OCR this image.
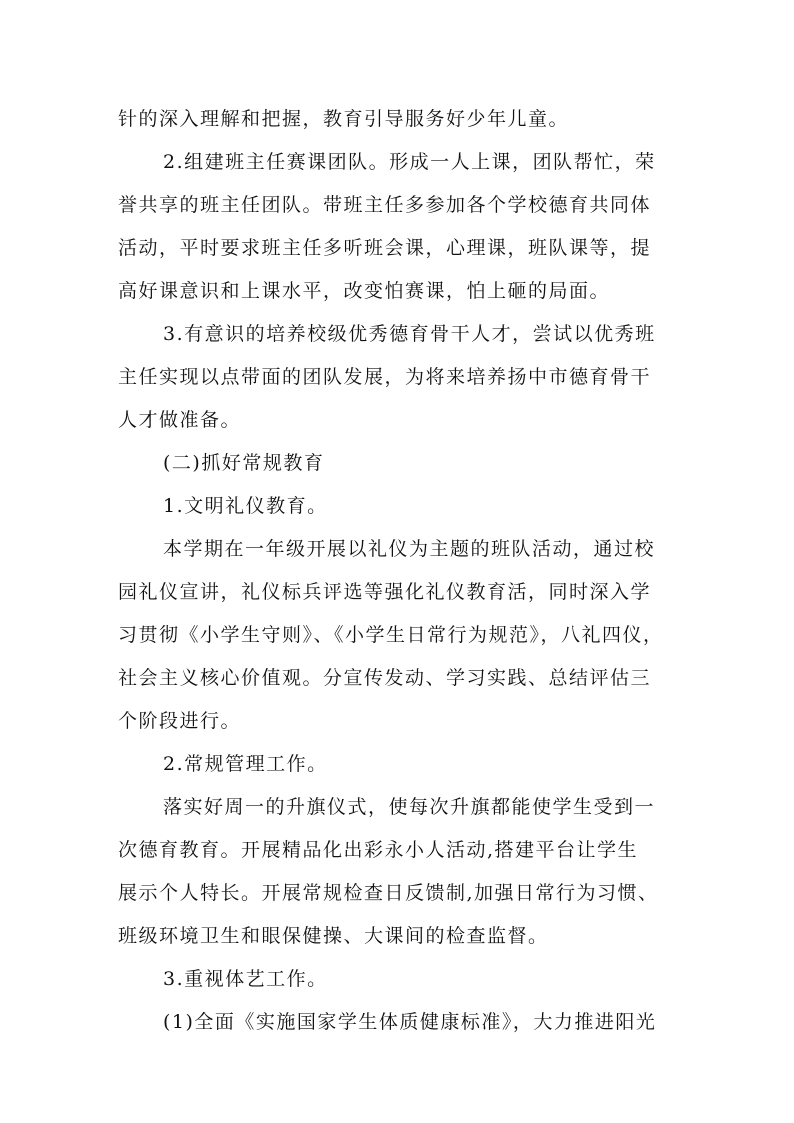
针的深入理解和把握，教育引导服务好少年儿童。
2.组建班主任赛课团队。形成一人上课，团队帮忙，荣
誉共享的班主任团队。带班主任多参加各个学校德育共同体
活动，平时要求班主任多听班会课，心理课，班队课等，提
高好课意识和上课水平，改变怕赛课，怕上砸的局面。
3.有意识的培养校级优秀德育骨干人才，尝试以优秀班
主任实现以点带面的团队发展，为将来培养扬中市德育骨干
人才做准备。
(二)抓好常规教育
1.文明礼仪教育。
本学期在一年级开展以礼仪为主题的班队活动，通过校
园礼仪宣讲，礼仪标兵评选等强化礼仪教育活，同时深入学
习贯彻《小学生守则》、《小学生日常行为规范》，八礼四仪，
社会主义核心价值观。分宣传发动、学习实践、总结评估三
个阶段进行。
2.常规管理工作。
落实好周一的升旗仪式，使每次升旗都能使学生受到一
次德育教育。开展精品化出彩永小人活动,搭建平台让学生
展示个人特长。开展常规检查日反馈制,加强日常行为习惯、
班级环境卫生和眼保健操、大课间的检查监督。
3.重视体艺工作。
(1)全面《实施国家学生体质健康标准》，大力推进阳光
